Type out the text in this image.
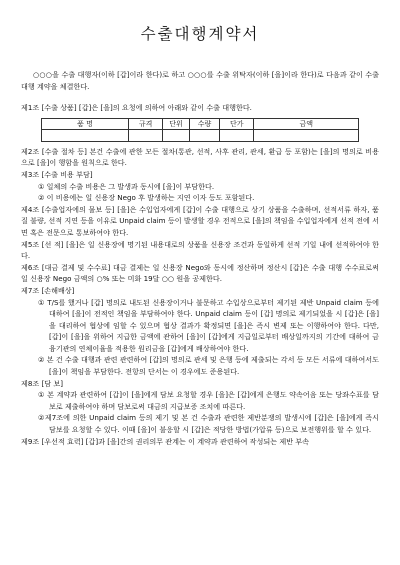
수출대행계약서

○○○을 수출 대행자(이하 [갑]이라 한다)로 하고 ○○○를 수출 위탁자(이하 [을]이라 한다)로 다음과 같이 수출 대행 계약을 체결한다.

제1조 [수출 상품] [갑]은 [을]의 요청에 의하여 아래와 같이 수출 대행한다.

품 명	규격	단위	수량	단가	금액

제2조 [수출 절차 등] 본건 수출에 관한 모든 절차(통관, 선적, 사후 관리, 관세, 환급 등 포함)는 [을]의 명의로 비용으로 [을]이 행함을 원칙으로 한다.

제3조 [수출 비용 부담]

① 일체의 수출 비용은 그 발생과 동시에 [을]이 부담한다.

② 이 비용에는 일 신용장 Nego 후 발생하는 지연 이자 등도 포함된다.

제4조 [수출업자에의 물보 등] [을]은 수입업자에게 [갑]이 수출 대행으로 상기 상품을 수출하며, 선적서류 하자, 품질 불량, 선적 지연 등을 이유로 Unpaid claim 등이 발생할 경우 전적으로 [을]의 책임을 수입업자에게 선적 전에 서면 혹은 전문으로 통보하여야 한다.

제5조 [선 적] [을]은 일 신용장에 명기된 내용대로의 상품을 신용장 조건과 동일하게 선적 기일 내에 선적하여야 한다.

제6조 [대금 결제 및 수수료] 대금 결제는 일 신용장 Nego와 동시에 정산하며 정산시 [갑]은 수출 대행 수수료로써 일 신용장 Nego 금액의 ○% 또는 미화 19달 ○○ 원을 공제한다.

제7조 [손해배상]

① T/S를 했거나 [갑] 명의로 내도된 신용장이거나 불문하고 수입상으로부터 제기된 제반 Unpaid claim 등에 대하여 [을]이 전적인 책임을 부담하여야 한다. Unpaid claim 등이 [갑] 명의로 제기되었을 시 [갑]은 [을]을 대리하여 협상에 임할 수 있으며 협상 결과가 확정되면 [을]은 즉시 변제 또는 이행하여야 한다. 다만, [갑]이 [을]을 위하여 지급한 금액에 관하여 [을]이 [갑]에게 지급일로부터 배상일까지의 기간에 대하여 금융기관의 연체이율을 적용한 원리금을 [갑]에게 배상하여야 한다.

② 본 건 수출 대행과 관련 관련하여 [갑]의 명의로 관세 및 은행 등에 제출되는 각서 등 모든 서류에 대하여서도 [을]이 책임을 부담한다. 전항의 단서는 이 경우에도 준용된다.

제8조 [담 보]

① 본 계약과 관련하여 [갑]이 [을]에게 담보 요청할 경우 [을]은 [갑]에게 은행도 약속어음 또는 당좌수표를 담보로 제출하여야 하며 담보로써 대금의 지급보증 조치에 따른다.

②제7조에 의한 Unpaid claim 등의 제기 및 본 건 수출과 관련한 제반분쟁의 발생시에 [갑]은 [을]에게 즉시 담보를 요청할 수 있다. 이때 [을]이 불응할 시 [갑]은 적당한 방법(가압류 등)으로 보전행위를 할 수 있다.

제9조 [우선적 효력] [갑]과 [을]간의 권리의무 관계는 이 계약과 관련하여 작성되는 제반 부속
